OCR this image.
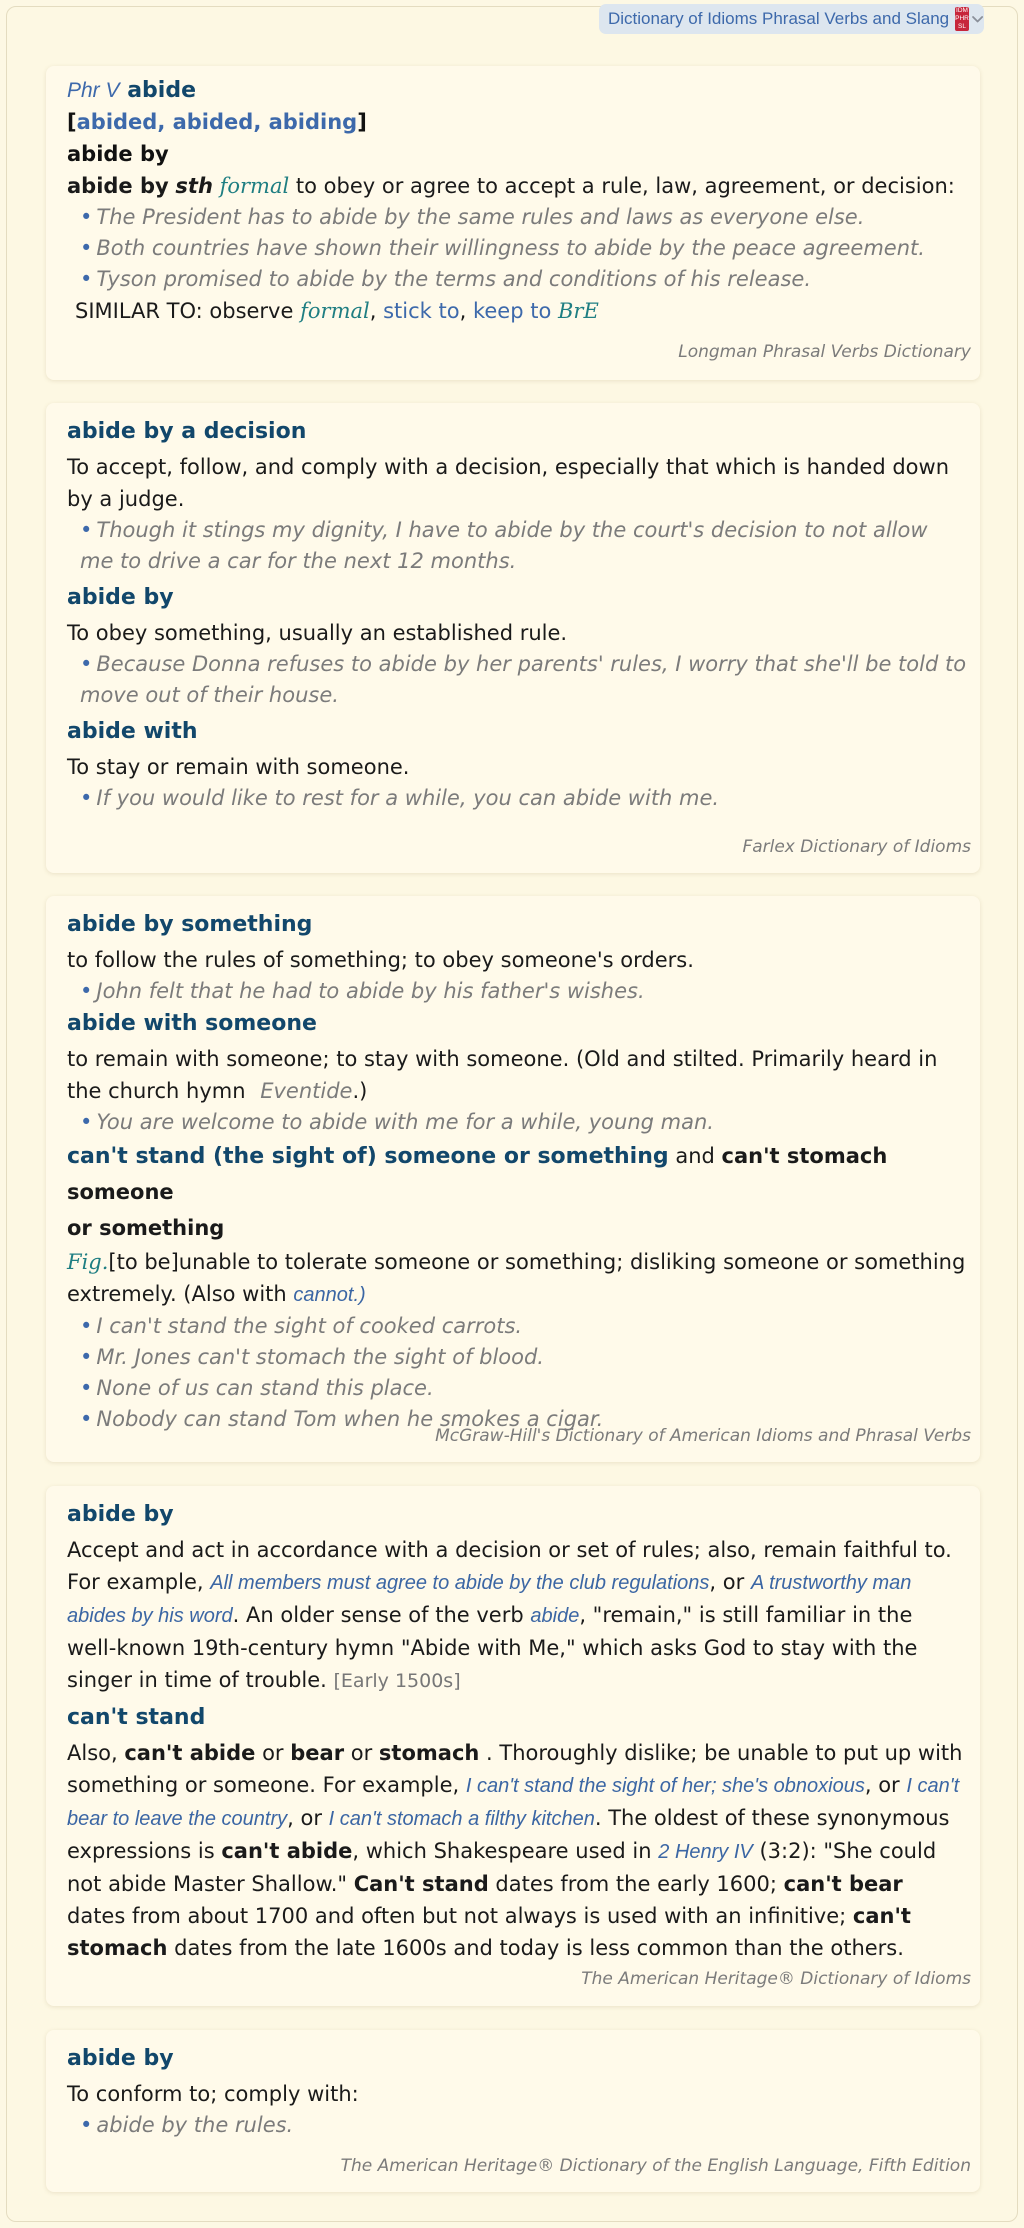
Dictionary of Idioms Phrasal Verbs and Slang IDM PHR SL
Phr V abide
[abided, abided, abiding]
abide by
abide by sth formal to obey or agree to accept a rule, law, agreement, or decision:
• The President has to abide by the same rules and laws as everyone else.
• Both countries have shown their willingness to abide by the peace agreement.
• Tyson promised to abide by the terms and conditions of his release.
SIMILAR TO: observe formal, stick to, keep to BrE
Longman Phrasal Verbs Dictionary
abide by a decision
To accept, follow, and comply with a decision, especially that which is handed down by a judge.
• Though it stings my dignity, I have to abide by the court's decision to not allow me to drive a car for the next 12 months.
abide by
To obey something, usually an established rule.
• Because Donna refuses to abide by her parents' rules, I worry that she'll be told to move out of their house.
abide with
To stay or remain with someone.
• If you would like to rest for a while, you can abide with me.
Farlex Dictionary of Idioms
abide by something
to follow the rules of something; to obey someone's orders.
• John felt that he had to abide by his father's wishes.
abide with someone
to remain with someone; to stay with someone. (Old and stilted. Primarily heard in the church hymn Eventide.)
• You are welcome to abide with me for a while, young man.
can't stand (the sight of) someone or something and can't stomach someone
or something
Fig.[to be]unable to tolerate someone or something; disliking someone or something extremely. (Also with cannot.)
• I can't stand the sight of cooked carrots.
• Mr. Jones can't stomach the sight of blood.
• None of us can stand this place.
• Nobody can stand Tom when he smokes a cigar.
McGraw-Hill's Dictionary of American Idioms and Phrasal Verbs
abide by
Accept and act in accordance with a decision or set of rules; also, remain faithful to. For example, All members must agree to abide by the club regulations, or A trustworthy man abides by his word. An older sense of the verb abide, "remain," is still familiar in the well-known 19th-century hymn "Abide with Me," which asks God to stay with the singer in time of trouble. [Early 1500s]
can't stand
Also, can't abide or bear or stomach . Thoroughly dislike; be unable to put up with something or someone. For example, I can't stand the sight of her; she's obnoxious, or I can't bear to leave the country, or I can't stomach a filthy kitchen. The oldest of these synonymous expressions is can't abide, which Shakespeare used in 2 Henry IV (3:2): "She could not abide Master Shallow." Can't stand dates from the early 1600; can't bear dates from about 1700 and often but not always is used with an infinitive; can't stomach dates from the late 1600s and today is less common than the others.
The American Heritage® Dictionary of Idioms
abide by
To conform to; comply with:
• abide by the rules.
The American Heritage® Dictionary of the English Language, Fifth Edition
